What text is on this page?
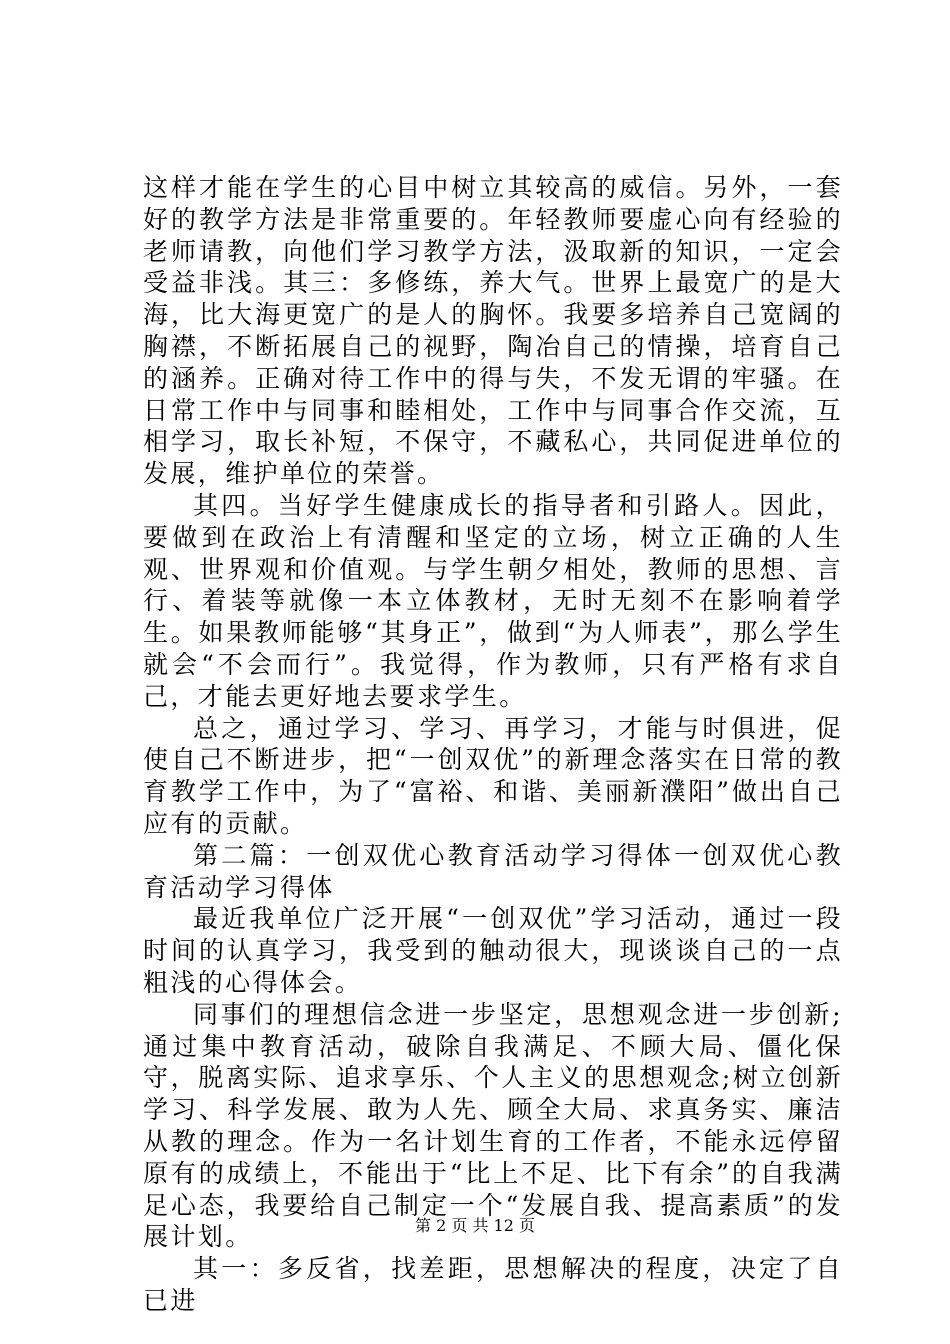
这样才能在学生的心目中树立其较高的威信。另外，一套好的教学方法是非常重要的。年轻教师要虚心向有经验的老师请教，向他们学习教学方法，汲取新的知识，一定会受益非浅。其三：多修练，养大气。世界上最宽广的是大海，比大海更宽广的是人的胸怀。我要多培养自己宽阔的胸襟，不断拓展自己的视野，陶冶自己的情操，培育自己的涵养。正确对待工作中的得与失，不发无谓的牢骚。在日常工作中与同事和睦相处，工作中与同事合作交流，互相学习，取长补短，不保守，不藏私心，共同促进单位的发展，维护单位的荣誉。

其四。当好学生健康成长的指导者和引路人。因此，要做到在政治上有清醒和坚定的立场，树立正确的人生观、世界观和价值观。与学生朝夕相处，教师的思想、言行、着装等就像一本立体教材，无时无刻不在影响着学生。如果教师能够“其身正”，做到“为人师表”，那么学生就会“不会而行”。我觉得，作为教师，只有严格有求自己，才能去更好地去要求学生。

总之，通过学习、学习、再学习，才能与时俱进，促使自己不断进步，把“一创双优”的新理念落实在日常的教育教学工作中，为了“富裕、和谐、美丽新濮阳”做出自己应有的贡献。

第二篇：一创双优心教育活动学习得体一创双优心教育活动学习得体

最近我单位广泛开展“一创双优”学习活动，通过一段时间的认真学习，我受到的触动很大，现谈谈自己的一点粗浅的心得体会。

同事们的理想信念进一步坚定，思想观念进一步创新;通过集中教育活动，破除自我满足、不顾大局、僵化保守，脱离实际、追求享乐、个人主义的思想观念;树立创新学习、科学发展、敢为人先、顾全大局、求真务实、廉洁从教的理念。作为一名计划生育的工作者，不能永远停留原有的成绩上，不能出于“比上不足、比下有余”的自我满足心态，我要给自己制定一个“发展自我、提高素质”的发展计划。

其一：多反省，找差距，思想解决的程度，决定了自已进

第 2 页 共 12 页
